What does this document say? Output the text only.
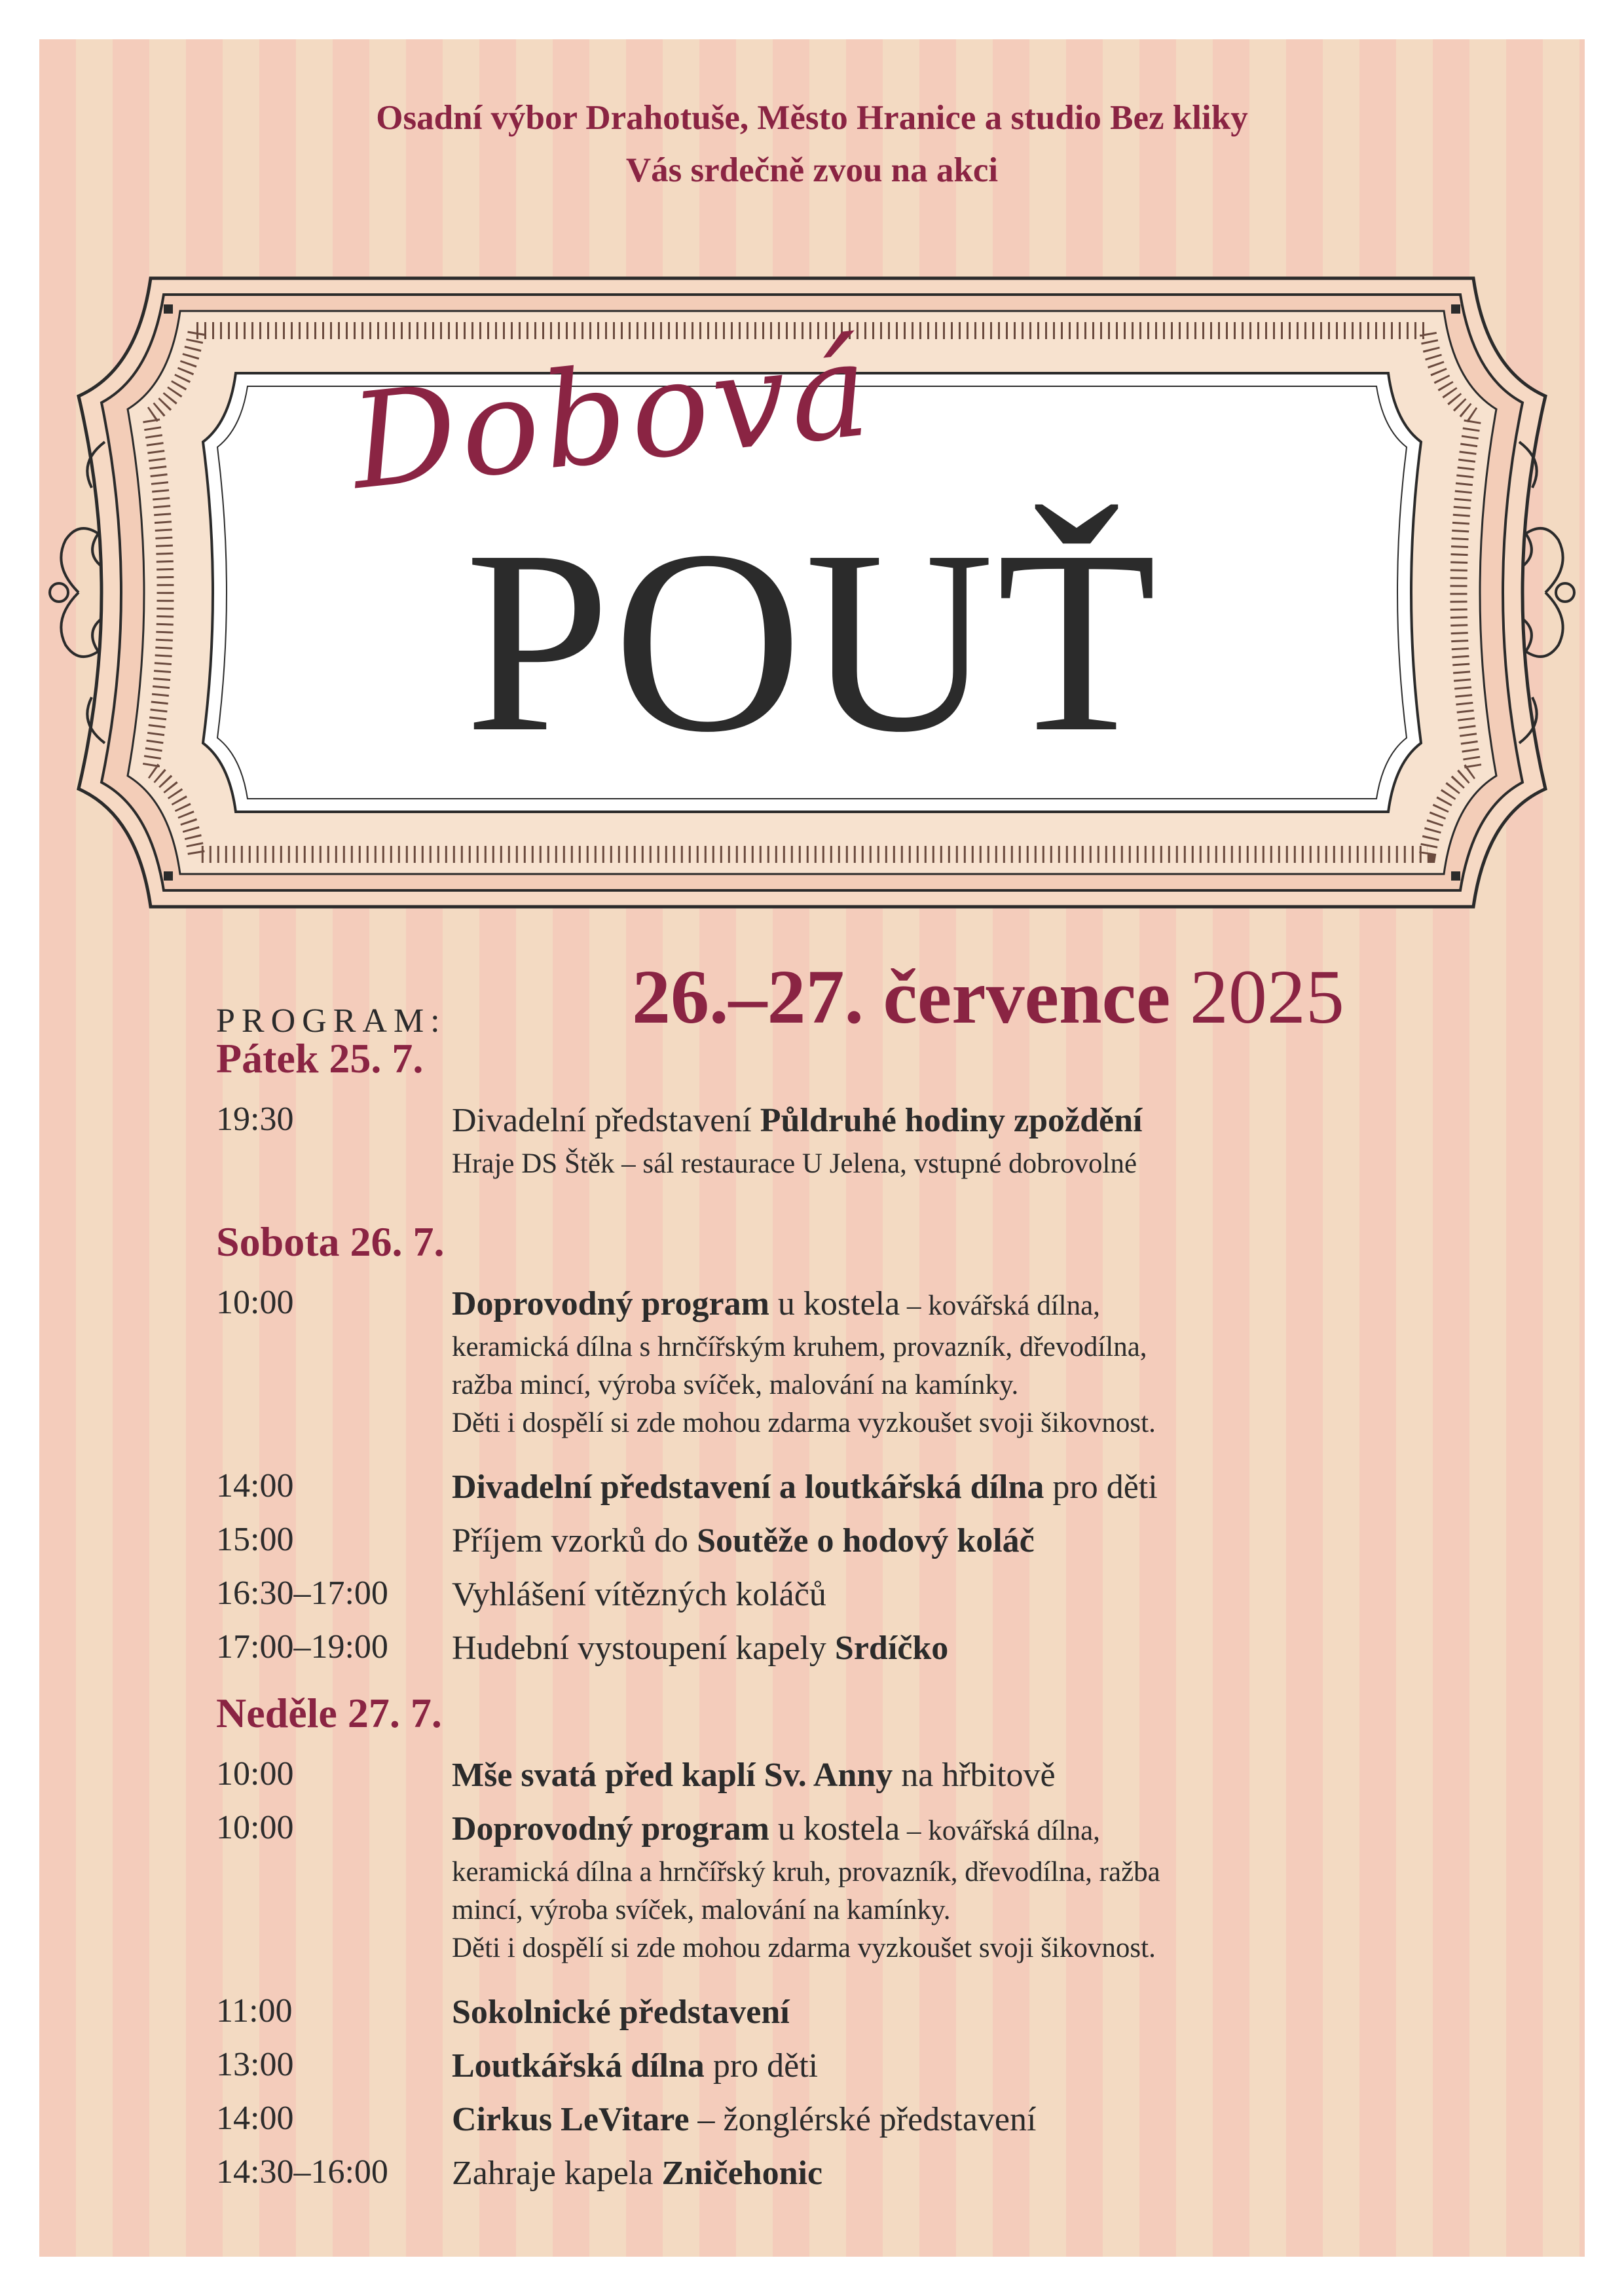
Osadní výbor Drahotuše, Město Hranice a studio Bez kliky
Vás srdečně zvou na akci
Dobová
POUŤ
PROGRAM: 26.–27. července 2025
Pátek 25. 7.
19:30	Divadelní představení Půldruhé hodiny zpoždění
Hraje DS Štěk – sál restaurace U Jelena, vstupné dobrovolné
Sobota 26. 7.
10:00	Doprovodný program u kostela – kovářská dílna,
keramická dílna s hrnčířským kruhem, provazník, dřevodílna,
ražba mincí, výroba svíček, malování na kamínky.
Děti i dospělí si zde mohou zdarma vyzkoušet svoji šikovnost.
14:00	Divadelní představení a loutkářská dílna pro děti
15:00	Příjem vzorků do Soutěže o hodový koláč
16:30–17:00 Vyhlášení vítězných koláčů
17:00–19:00 Hudební vystoupení kapely Srdíčko
Neděle 27. 7.
10:00	Mše svatá před kaplí Sv. Anny na hřbitově
10:00	Doprovodný program u kostela – kovářská dílna,
keramická dílna a hrnčířský kruh, provazník, dřevodílna, ražba
mincí, výroba svíček, malování na kamínky.
Děti i dospělí si zde mohou zdarma vyzkoušet svoji šikovnost.
11:00	Sokolnické představení
13:00	Loutkářská dílna pro děti
14:00	Cirkus LeVitare – žonglérské představení
14:30–16:00 Zahraje kapela Zničehonic
